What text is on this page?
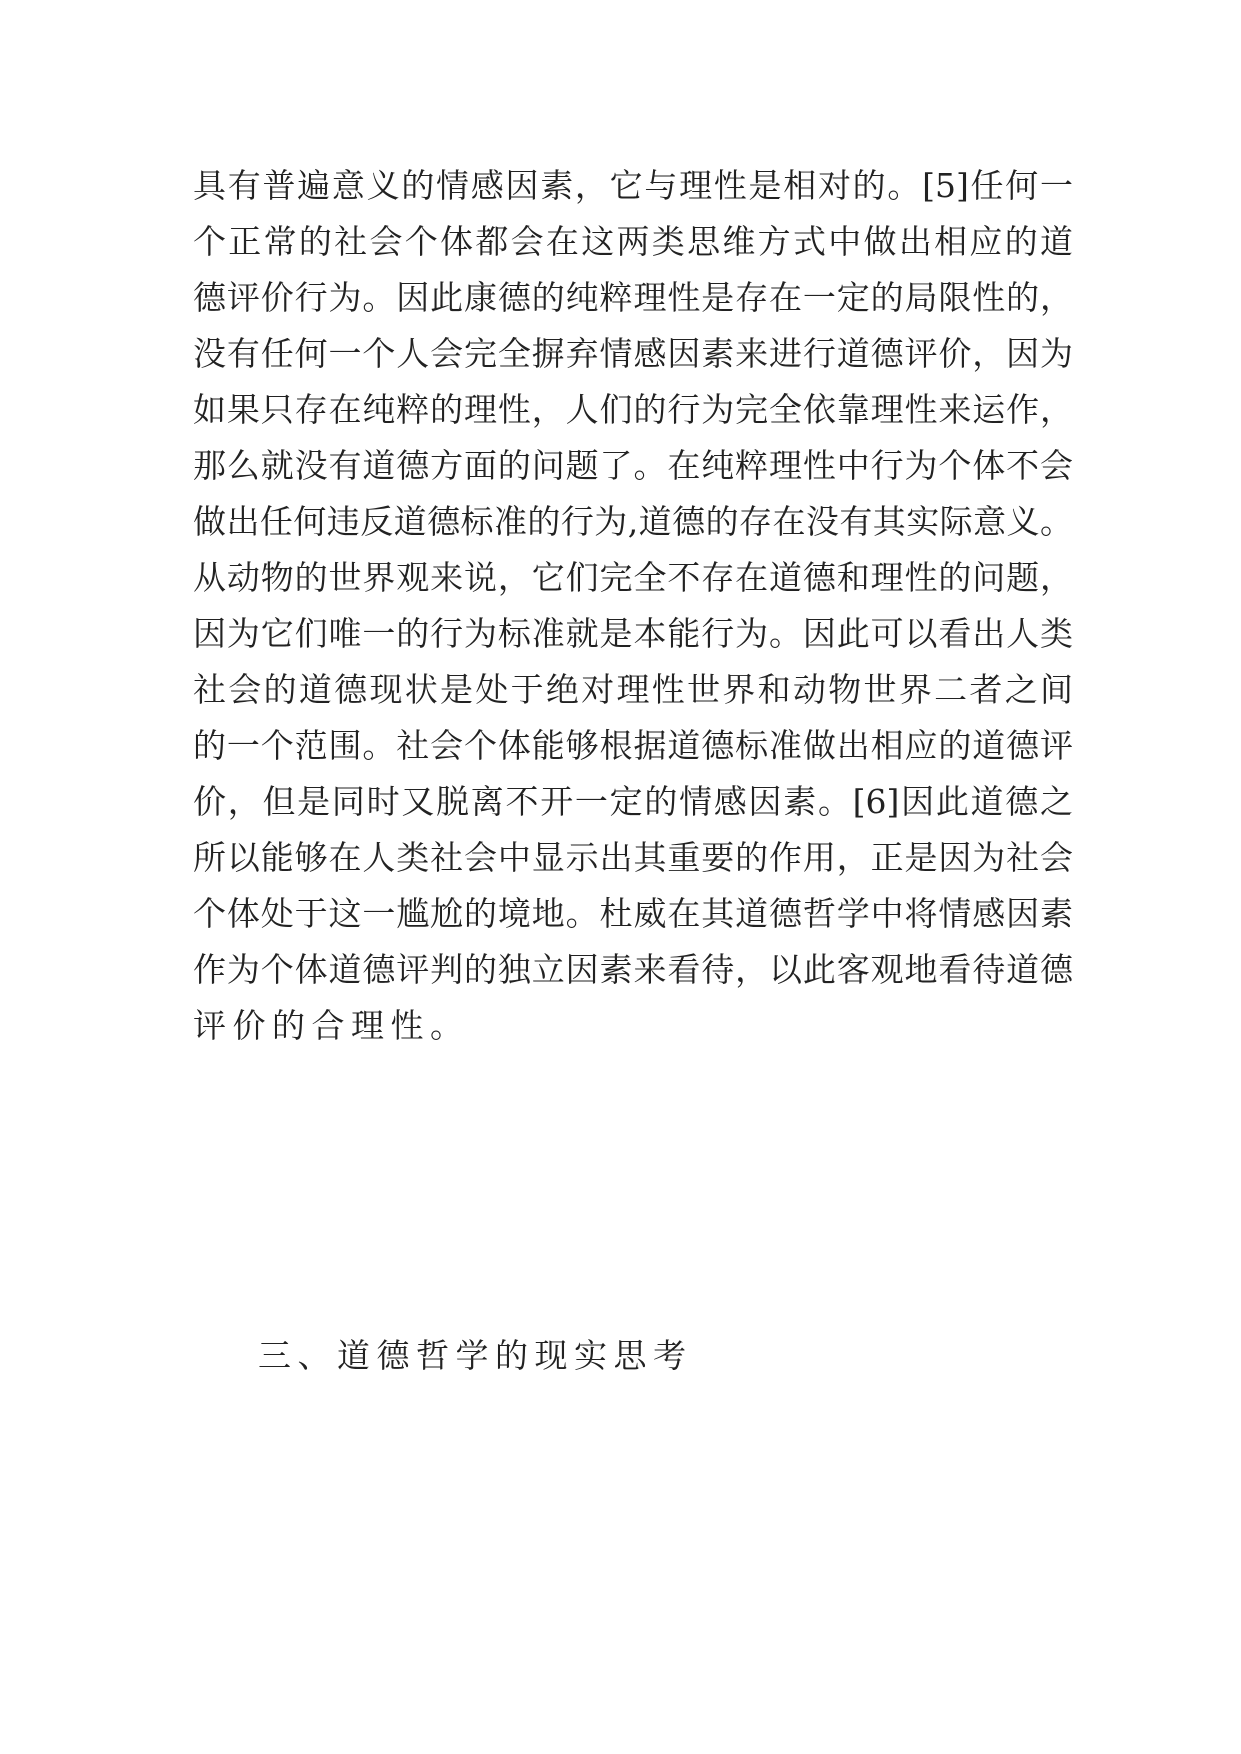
具有普遍意义的情感因素，它与理性是相对的。[5]任何一
个正常的社会个体都会在这两类思维方式中做出相应的道
德评价行为。因此康德的纯粹理性是存在一定的局限性的，
没有任何一个人会完全摒弃情感因素来进行道德评价，因为
如果只存在纯粹的理性，人们的行为完全依靠理性来运作，
那么就没有道德方面的问题了。在纯粹理性中行为个体不会
做出任何违反道德标准的行为,道德的存在没有其实际意义。
从动物的世界观来说，它们完全不存在道德和理性的问题，
因为它们唯一的行为标准就是本能行为。因此可以看出人类
社会的道德现状是处于绝对理性世界和动物世界二者之间
的一个范围。社会个体能够根据道德标准做出相应的道德评
价，但是同时又脱离不开一定的情感因素。[6]因此道德之
所以能够在人类社会中显示出其重要的作用，正是因为社会
个体处于这一尴尬的境地。杜威在其道德哲学中将情感因素
作为个体道德评判的独立因素来看待，以此客观地看待道德
评价的合理性。
三、道德哲学的现实思考
